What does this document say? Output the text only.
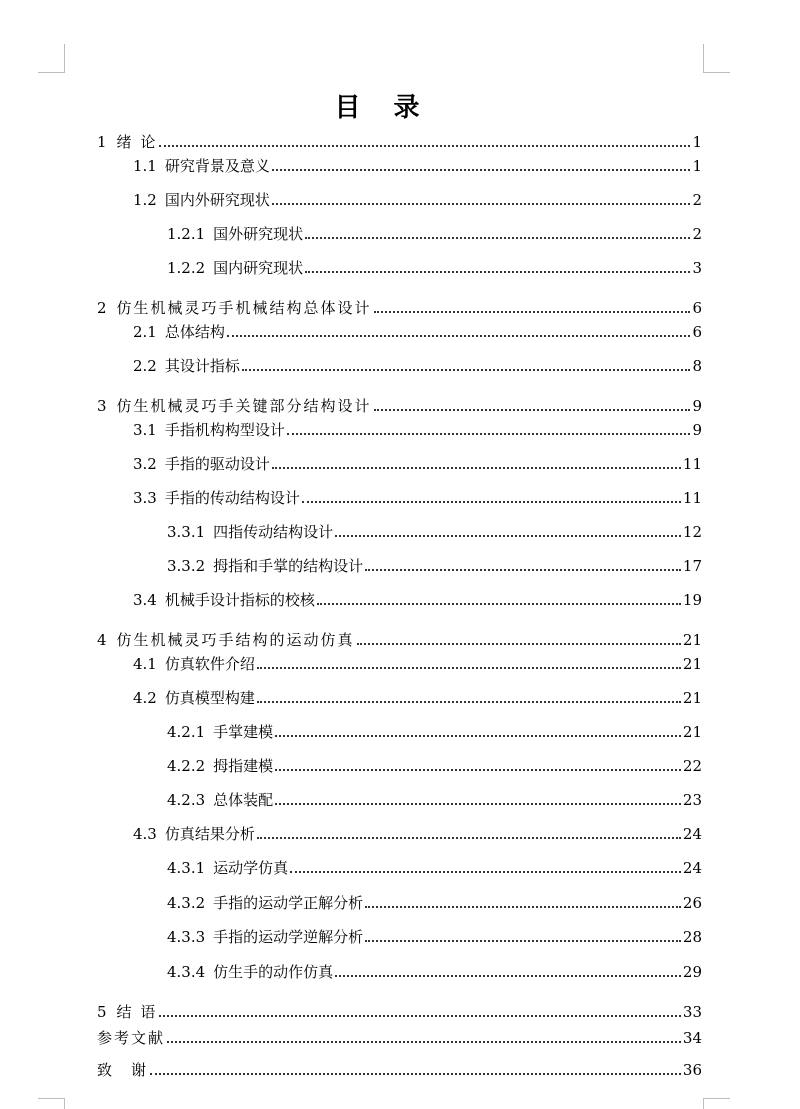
目 录
1 绪 论	1
1.1 研究背景及意义	1
1.2 国内外研究现状	2
1.2.1 国外研究现状	2
1.2.2 国内研究现状	3
2 仿生机械灵巧手机械结构总体设计	6
2.1 总体结构	6
2.2 其设计指标	8
3 仿生机械灵巧手关键部分结构设计	9
3.1 手指机构构型设计	9
3.2 手指的驱动设计	11
3.3 手指的传动结构设计	11
3.3.1 四指传动结构设计	12
3.3.2 拇指和手掌的结构设计	17
3.4 机械手设计指标的校核	19
4 仿生机械灵巧手结构的运动仿真	21
4.1 仿真软件介绍	21
4.2 仿真模型构建	21
4.2.1 手掌建模	21
4.2.2 拇指建模	22
4.2.3 总体装配	23
4.3 仿真结果分析	24
4.3.1 运动学仿真	24
4.3.2 手指的运动学正解分析	26
4.3.3 手指的运动学逆解分析	28
4.3.4 仿生手的动作仿真	29
5 结 语	33
参考文献	34
致　谢	36
